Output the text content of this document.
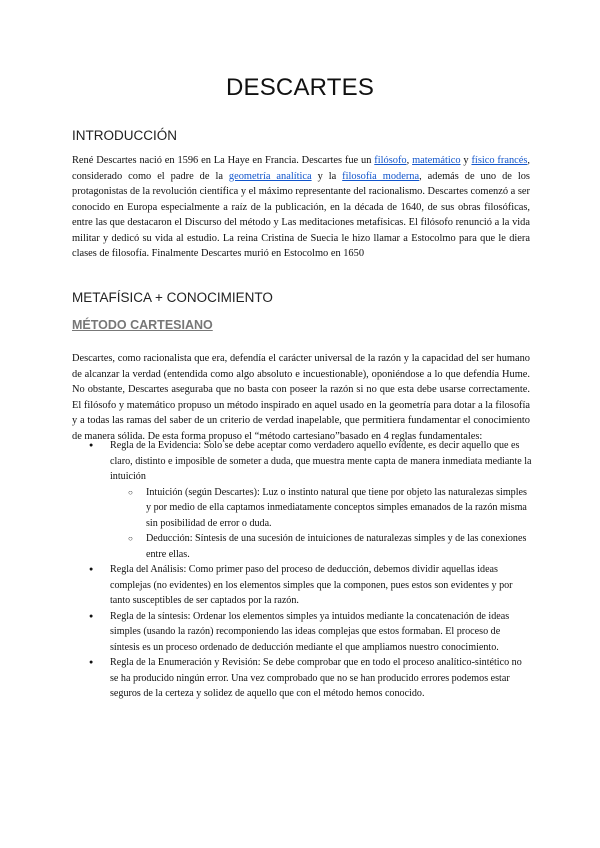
DESCARTES
INTRODUCCIÓN

René Descartes nació en 1596 en La Haye en Francia. Descartes fue un filósofo, matemático y físico francés, considerado como el padre de la geometría analítica y la filosofía moderna, además de uno de los protagonistas de la revolución científica y el máximo representante del racionalismo. Descartes comenzó a ser conocido en Europa especialmente a raíz de la publicación, en la década de 1640, de sus obras filosóficas, entre las que destacaron el Discurso del método y Las meditaciones metafísicas. El filósofo renunció a la vida militar y dedicó su vida al estudio. La reina Cristina de Suecia le hizo llamar a Estocolmo para que le diera clases de filosofía. Finalmente Descartes murió en Estocolmo en 1650

METAFÍSICA + CONOCIMIENTO
MÉTODO CARTESIANO

Descartes, como racionalista que era, defendía el carácter universal de la razón y la capacidad del ser humano de alcanzar la verdad (entendida como algo absoluto e incuestionable), oponiéndose a lo que defendía Hume. No obstante, Descartes aseguraba que no basta con poseer la razón si no que esta debe usarse correctamente. El filósofo y matemático propuso un método inspirado en aquel usado en la geometría para dotar a la filosofía y a todas las ramas del saber de un criterio de verdad inapelable, que permitiera fundamentar el conocimiento de manera sólida. De esta forma propuso el “método cartesiano”basado en 4 reglas fundamentales:

● Regla de la Evidencia: Solo se debe aceptar como verdadero aquello evidente, es decir aquello que es claro, distinto e imposible de someter a duda, que muestra mente capta de manera inmediata mediante la intuición
○ Intuición (según Descartes): Luz o instinto natural que tiene por objeto las naturalezas simples y por medio de ella captamos inmediatamente conceptos simples emanados de la razón misma sin posibilidad de error o duda.
○ Deducción: Síntesis de una sucesión de intuiciones de naturalezas simples y de las conexiones entre ellas.
● Regla del Análisis: Como primer paso del proceso de deducción, debemos dividir aquellas ideas complejas (no evidentes) en los elementos simples que la componen, pues estos son evidentes y por tanto susceptibles de ser captados por la razón.
● Regla de la síntesis: Ordenar los elementos simples ya intuidos mediante la concatenación de ideas simples (usando la razón) recomponiendo las ideas complejas que estos formaban. El proceso de síntesis es un proceso ordenado de deducción mediante el que ampliamos nuestro conocimiento.
● Regla de la Enumeración y Revisión: Se debe comprobar que en todo el proceso analítico-sintético no se ha producido ningún error. Una vez comprobado que no se han producido errores podemos estar seguros de la certeza y solidez de aquello que con el método hemos conocido.
